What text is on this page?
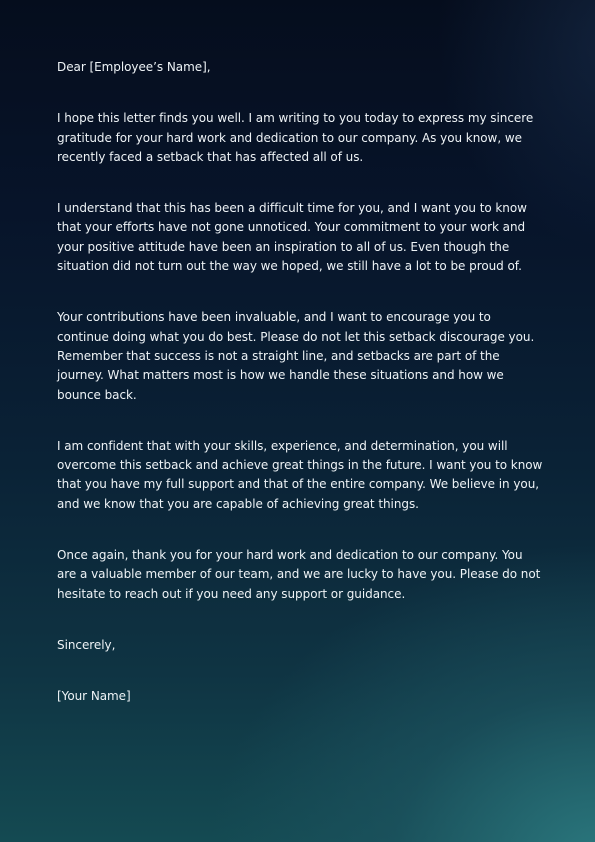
Dear [Employee’s Name],

I hope this letter finds you well. I am writing to you today to express my sincere gratitude for your hard work and dedication to our company. As you know, we recently faced a setback that has affected all of us.

I understand that this has been a difficult time for you, and I want you to know that your efforts have not gone unnoticed. Your commitment to your work and your positive attitude have been an inspiration to all of us. Even though the situation did not turn out the way we hoped, we still have a lot to be proud of.

Your contributions have been invaluable, and I want to encourage you to continue doing what you do best. Please do not let this setback discourage you. Remember that success is not a straight line, and setbacks are part of the journey. What matters most is how we handle these situations and how we bounce back.

I am confident that with your skills, experience, and determination, you will overcome this setback and achieve great things in the future. I want you to know that you have my full support and that of the entire company. We believe in you, and we know that you are capable of achieving great things.

Once again, thank you for your hard work and dedication to our company. You are a valuable member of our team, and we are lucky to have you. Please do not hesitate to reach out if you need any support or guidance.

Sincerely,

[Your Name]
